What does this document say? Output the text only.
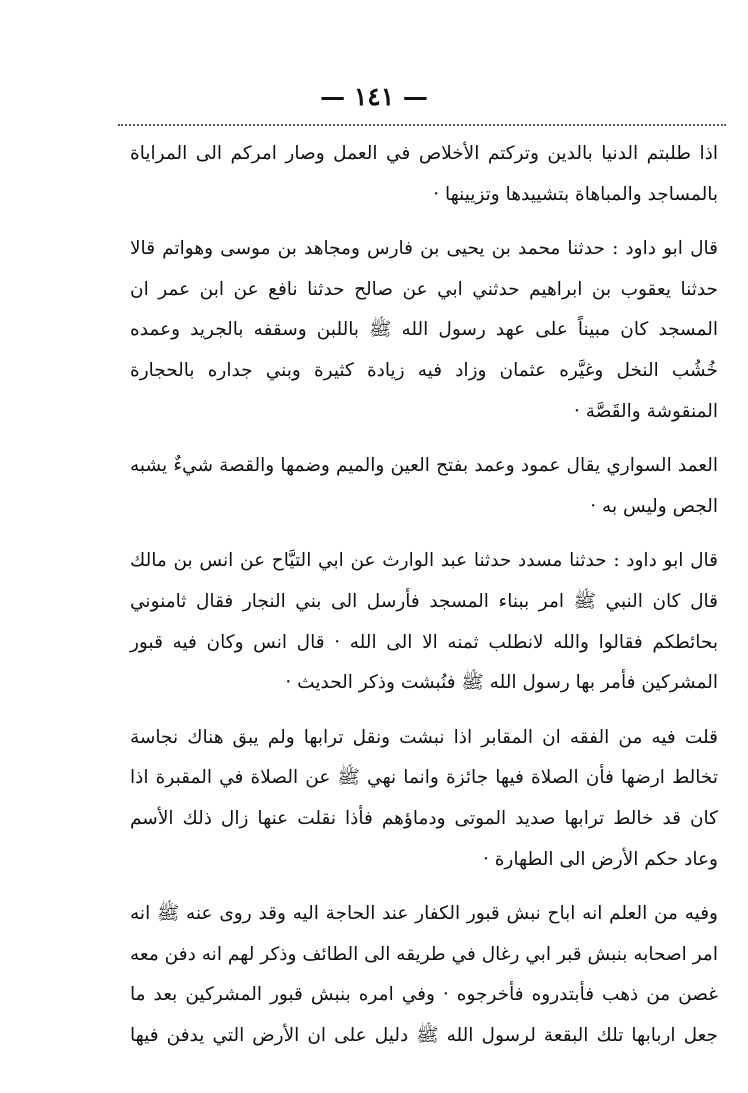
— ١٤١ —

اذا طلبتم الدنيا بالدين وتركتم الأخلاص في العمل وصار امركم الى المراياة بالمساجد والمباهاة بتشييدها وتزيينها ·

قال ابو داود : حدثنا محمد بن يحيى بن فارس ومجاهد بن موسى وهواتم قالا حدثنا يعقوب بن ابراهيم حدثني ابي عن صالح حدثنا نافع عن ابن عمر ان المسجد كان مبيناً على عهد رسول الله ﷺ باللبن وسقفه بالجريد وعمده خُشُب النخل وغيَّره عثمان وزاد فيه زيادة كثيرة وبني جداره بالحجارة المنقوشة والقَصَّة ·

العمد السواري يقال عمود وعمد بفتح العين والميم وضمها والقصة شيءٌ يشبه الجص وليس به ·

قال ابو داود : حدثنا مسدد حدثنا عبد الوارث عن ابي التيَّاح عن انس بن مالك قال كان النبي ﷺ امر ببناء المسجد فأرسل الى بني النجار فقال ثامنوني بحائطكم فقالوا والله لانطلب ثمنه الا الى الله · قال انس وكان فيه قبور المشركين فأمر بها رسول الله ﷺ فنُبشت وذكر الحديث ·

قلت فيه من الفقه ان المقابر اذا نبشت ونقل ترابها ولم يبق هناك نجاسة تخالط ارضها فأن الصلاة فيها جائزة وانما نهي ﷺ عن الصلاة في المقبرة اذا كان قد خالط ترابها صديد الموتى ودماؤهم فأذا نقلت عنها زال ذلك الأسم وعاد حكم الأرض الى الطهارة ·

وفيه من العلم انه اباح نبش قبور الكفار عند الحاجة اليه وقد روى عنه ﷺ انه امر اصحابه بنبش قبر ابي رغال في طريقه الى الطائف وذكر لهم انه دفن معه غصن من ذهب فأبتدروه فأخرجوه · وفي امره بنبش قبور المشركين بعد ما جعل اربابها تلك البقعة لرسول الله ﷺ دليل على ان الأرض التي يدفن فيها
